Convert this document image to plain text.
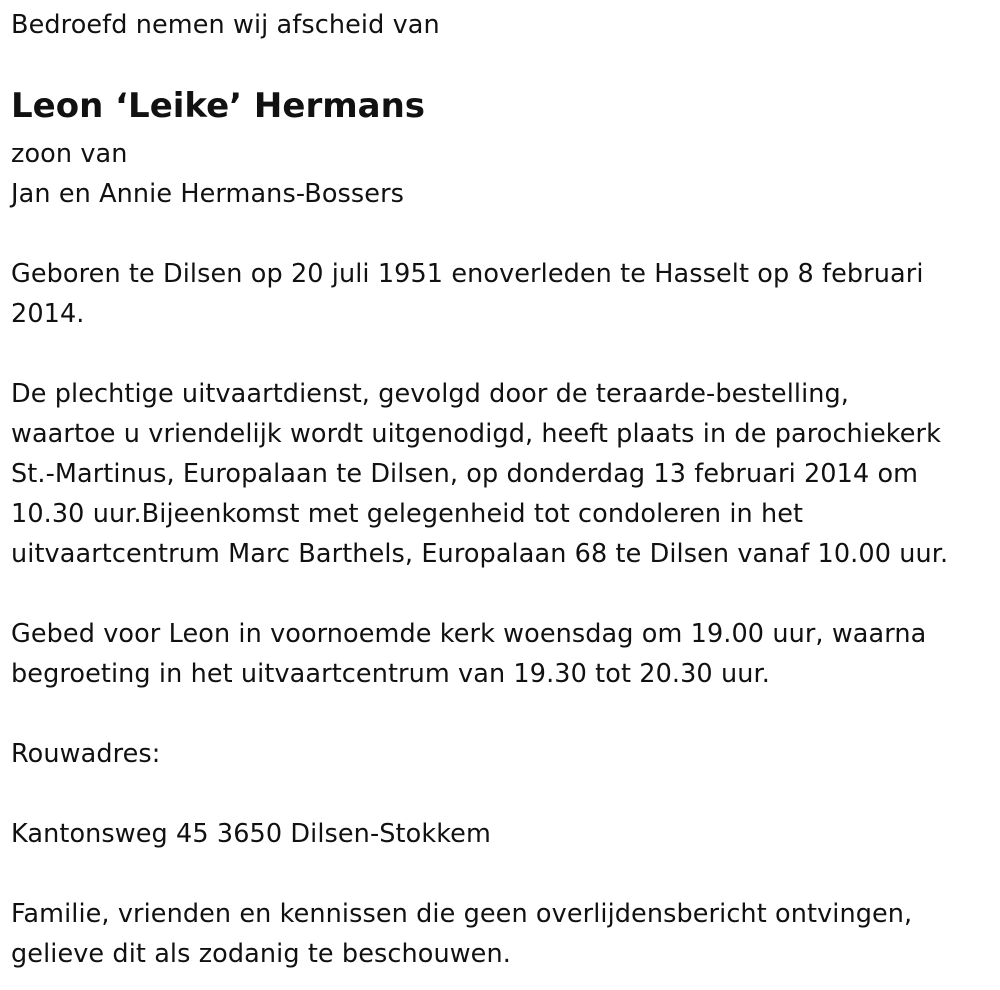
Bedroefd nemen wij afscheid van
Leon ‘Leike’ Hermans
zoon van
Jan en Annie Hermans-Bossers
Geboren te Dilsen op 20 juli 1951 enoverleden te Hasselt op 8 februari
2014.
De plechtige uitvaartdienst, gevolgd door de teraarde-bestelling,
waartoe u vriendelijk wordt uitgenodigd, heeft plaats in de parochiekerk
St.-Martinus, Europalaan te Dilsen, op donderdag 13 februari 2014 om
10.30 uur.Bijeenkomst met gelegenheid tot condoleren in het
uitvaartcentrum Marc Barthels, Europalaan 68 te Dilsen vanaf 10.00 uur.
Gebed voor Leon in voornoemde kerk woensdag om 19.00 uur, waarna
begroeting in het uitvaartcentrum van 19.30 tot 20.30 uur.
Rouwadres:
Kantonsweg 45 3650 Dilsen-Stokkem
Familie, vrienden en kennissen die geen overlijdensbericht ontvingen,
gelieve dit als zodanig te beschouwen.
